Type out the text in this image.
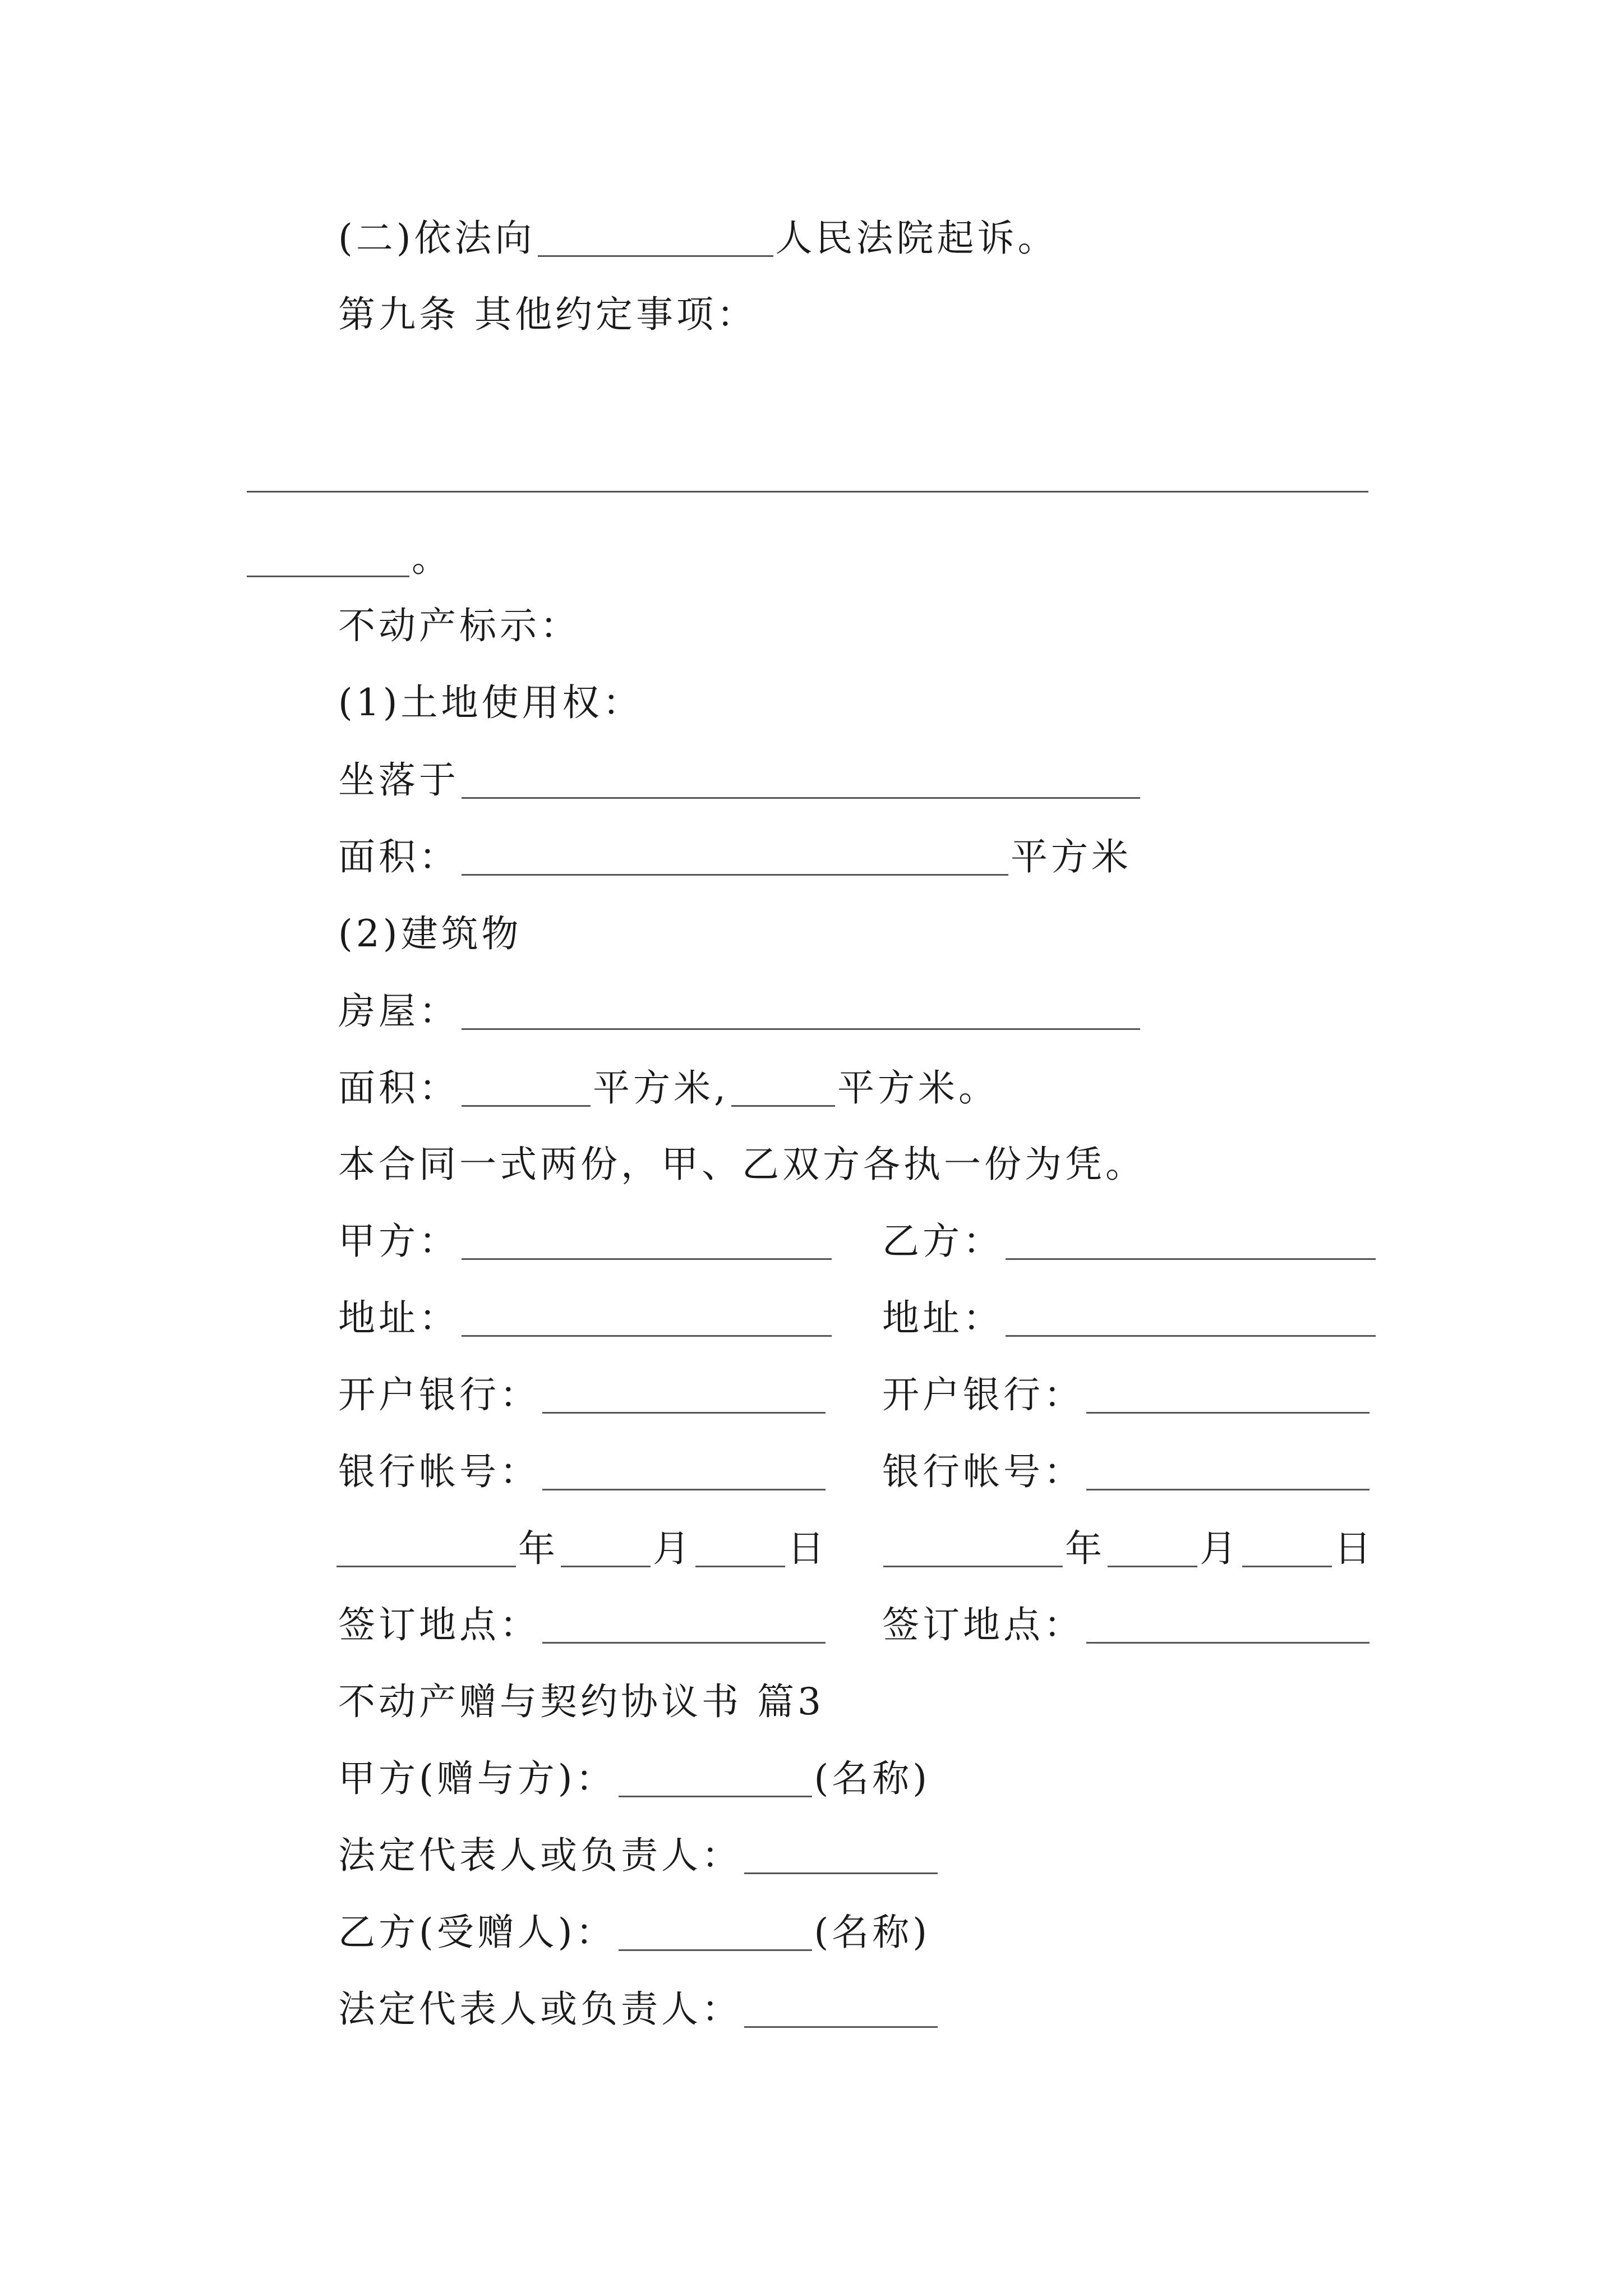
(二)依法向	人民法院起诉。
第九条 其他约定事项：
。
不动产标示：
(1)土地使用权：
坐落于
面积：	平方米
(2)建筑物
房屋：
面积：	平方米,	平方米。
本合同一式两份，甲、乙双方各执一份为凭。
甲方：	乙方：
地址：	地址：
开户银行：	开户银行：
银行帐号：	银行帐号：
年	月	日	年	月	日
签订地点：	签订地点：
不动产赠与契约协议书 篇3
甲方(赠与方)：	(名称)
法定代表人或负责人：
乙方(受赠人)：	(名称)
法定代表人或负责人：
